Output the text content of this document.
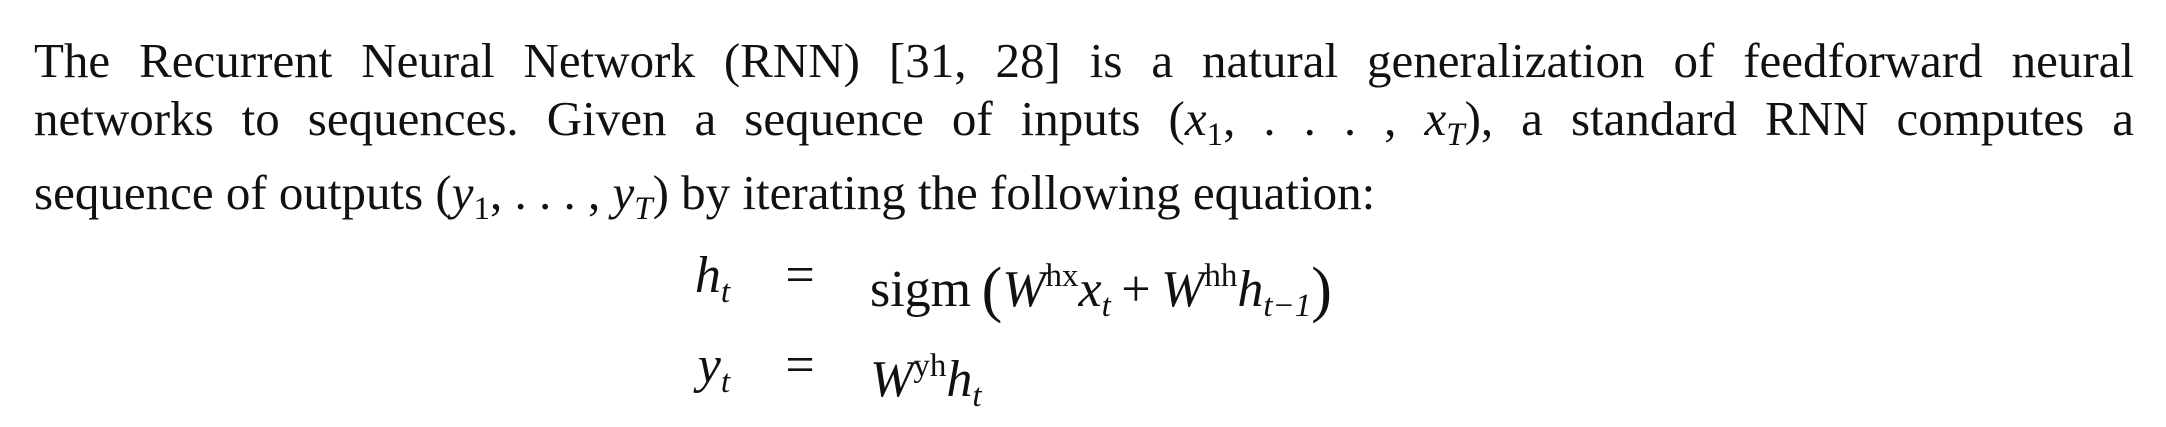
The Recurrent Neural Network (RNN) [31, 28] is a natural generalization of feedforward neural
networks to sequences. Given a sequence of inputs ($x_1$, . . . , $x_T$), a standard RNN computes a
sequence of outputs ($y_1$, . . . , $y_T$) by iterating the following equation:
$h_t$ = sigm  $(W^{hx}x_t + W^{hh}h_{t-1})$
$y_t = W^{yh}h_t$
